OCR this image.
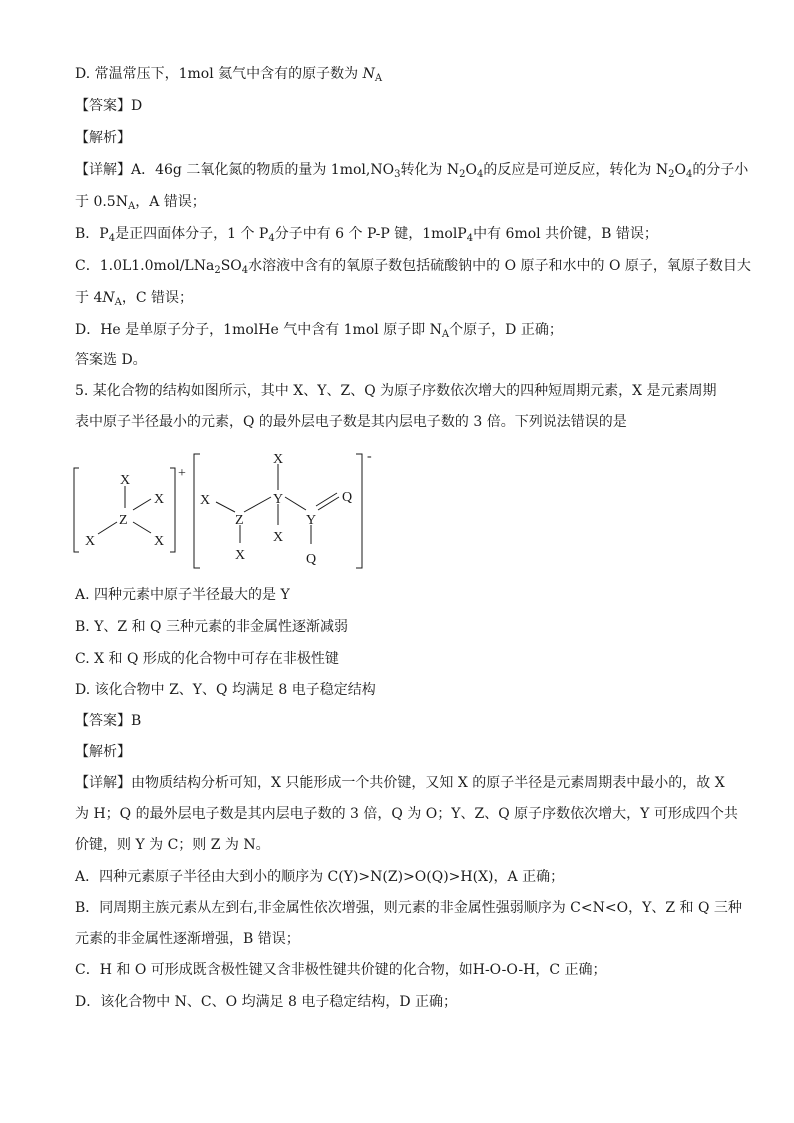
D. 常温常压下，1mol 氦气中含有的原子数为 $N_A$
【答案】D
【解析】
【详解】A．46g 二氧化氮的物质的量为 $1mol,NO_3$转化为 $N_2O_4$的反应是可逆反应，转化为 $N_2O_4$的分子小
于 $0.5N_A$，A 错误；
B．$P_4$是正四面体分子，1 个 $P_4$分子中有 6 个 P-P 键，1molP$_4$中有 6mol 共价键，B 错误；
C．$1.0L1.0mol/LNa_2SO_4$水溶液中含有的氧原子数包括硫酸钠中的 O 原子和水中的 O 原子，氧原子数目大
于 $4N_A$，C 错误；
D．He 是单原子分子，1molHe 气中含有 1mol 原子即 $N_A$个原子，D 正确；
答案选 D。
5. 某化合物的结构如图所示，其中 X、Y、Z、Q 为原子序数依次增大的四种短周期元素，X 是元素周期
表中原子半径最小的元素，Q 的最外层电子数是其内层电子数的 3 倍。下列说法错误的是
X
X
Z
X	X
+
X
X	Y
Y
Q
Z
X
X
Q
-
A. 四种元素中原子半径最大的是 Y
B. Y、Z 和 Q 三种元素的非金属性逐渐减弱
C. X 和 Q 形成的化合物中可存在非极性键
D. 该化合物中 Z、Y、Q 均满足 8 电子稳定结构
【答案】B
【解析】
【详解】由物质结构分析可知，X 只能形成一个共价键，又知 X 的原子半径是元素周期表中最小的，故 X
为 H；Q 的最外层电子数是其内层电子数的 3 倍，Q 为 O；Y、Z、Q 原子序数依次增大，Y 可形成四个共
价键，则 Y 为 C；则 Z 为 N。
A．四种元素原子半径由大到小的顺序为 C(Y)>N(Z)>O(Q)>H(X)，A 正确；
B．同周期主族元素从左到右,非金属性依次增强，则元素的非金属性强弱顺序为 C<N<O，Y、Z 和 Q 三种
元素的非金属性逐渐增强，B 错误；
C．H 和 O 可形成既含极性键又含非极性键共价键的化合物，如H-O-O-H，C 正确；
D．该化合物中 N、C、O 均满足 8 电子稳定结构，D 正确；
